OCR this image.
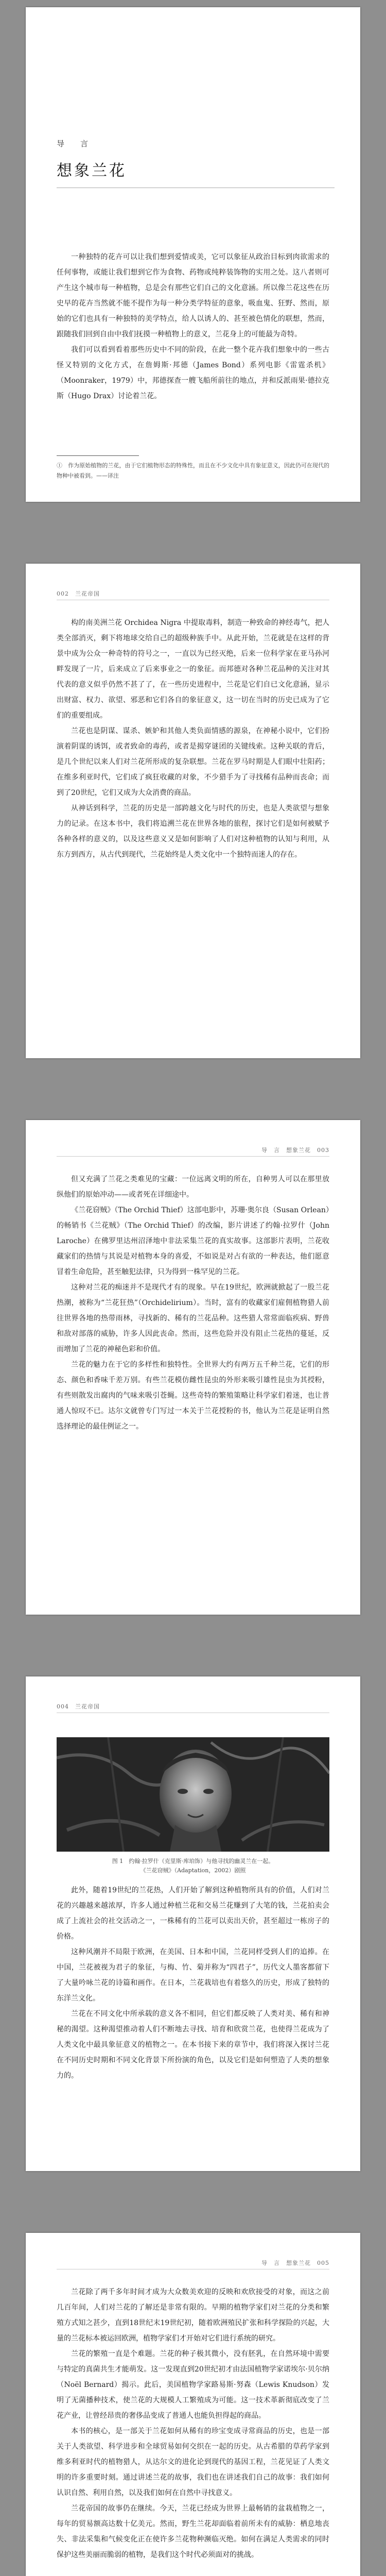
导　言
想象兰花

一种独特的花卉可以让我们想到爱情或美，它可以象征从政治目标到肉欲需求的任何事物，或能让我们想到它作为食物、药物或纯粹装饰物的实用之处。这八者则可产生这个城市每一种植物，总是会有那些它们自己的文化意涵。所以像兰花这些在历史早的花卉当然就不能不提作为每一种分类学特征的意象，吸血鬼、狂野、然而，原始的它们也具有一种独特的美学特点，给人以诱人的、甚至被色情化的联想，然而，跟随我们回到自由中我们抚摸一种植物上的意义，兰花身上的可能最为奇特。

我们可以看到看着那些历史中不同的阶段，在此一整个花卉我们想象中的一些古怪又特别的文化方式，在詹姆斯·邦德（James Bond）系列电影《雷霆杀机》（Moonraker，1979）中，邦德探查一艘飞船所前往的地点，并和反派雨果·德拉克斯（Hugo Drax）讨论着兰花。

①　作为原始植物的兰花，由于它们植物形态的特殊性，而且在不少文化中具有象征意义，因此仍可在现代的物种中被看到。——译注
002　兰花帝国

构的南美洲兰花 Orchidea Nigra 中提取毒料，制造一种致命的神经毒气，把人类全部消灭，剩下将地球交给自己的超级种族手中。从此开始，兰花就是在这样的背景中成为公众一种奇特的符号之一，一直以为已经灭绝，后来一位科学家在亚马孙河畔发现了一片，后来成立了后来事业之一的象征。而邦德对各种兰花品种的关注对其代表的意义似乎仍然不甚了了，在一些历史进程中，兰花是它们自已文化意涵，显示出财富、权力、欲望、邪恶和它们各自的象征意义，这一切在当时的历史已成为了它们的重要组成。

兰花也是阴谋、谋杀、嫉妒和其他人类负面情感的源泉，在神秘小说中，它们扮演着阴谋的诱饵，或者致命的毒药，或者是揭穿谜团的关键线索。这种关联的背后，是几个世纪以来人们对兰花所形成的复杂联想。兰花在罗马时期是人们眼中壮阳药；在维多利亚时代，它们成了疯狂收藏的对象，不少猎手为了寻找稀有品种而丧命；而到了20世纪，它们又成为大众消费的商品。

从神话到科学，兰花的历史是一部跨越文化与时代的历史，也是人类欲望与想象力的记录。在这本书中，我们将追溯兰花在世界各地的旅程，探讨它们是如何被赋予各种各样的意义的，以及这些意义又是如何影响了人们对这种植物的认知与利用，从东方到西方，从古代到现代，兰花始终是人类文化中一个独特而迷人的存在。

导　言　想象兰花　003

但又充满了兰花之类难见的宝藏：一位远离文明的所在，自种男人可以在那里放纵他们的原始冲动——或者死在详细途中。

《兰花窃贼》（The Orchid Thief）这部电影中，苏珊·奥尔良（Susan Orlean）的畅销书《兰花贼》（The Orchid Thief）的改编，影片讲述了约翰·拉罗什（John Laroche）在佛罗里达州沼泽地中非法采集兰花的真实故事。这部影片表明，兰花收藏家们的热情与其说是对植物本身的喜爱，不如说是对占有欲的一种表达，他们愿意冒着生命危险，甚至触犯法律，只为得到一株罕见的兰花。

这种对兰花的痴迷并不是现代才有的现象。早在19世纪，欧洲就掀起了一股兰花热潮，被称为“兰花狂热”（Orchidelirium）。当时，富有的收藏家们雇佣植物猎人前往世界各地的热带雨林，寻找新的、稀有的兰花品种。这些猎人常常面临疾病、野兽和敌对部落的威胁，许多人因此丧命。然而，这些危险并没有阻止兰花热的蔓延，反而增加了兰花的神秘色彩和价值。

兰花的魅力在于它的多样性和独特性。全世界大约有两万五千种兰花，它们的形态、颜色和香味千差万别。有些兰花模仿雌性昆虫的外形来吸引雄性昆虫为其授粉，有些则散发出腐肉的气味来吸引苍蝇。这些奇特的繁殖策略让科学家们着迷，也让普通人惊叹不已。达尔文就曾专门写过一本关于兰花授粉的书，他认为兰花是证明自然选择理论的最佳例证之一。

004　兰花帝国
图 1　约翰·拉罗什（克里斯·库珀饰）与他寻找的幽灵兰在一起。
《兰花窃贼》（Adaptation，2002）剧照

此外，随着19世纪的兰花热，人们开始了解到这种植物所具有的价值，人们对兰花的兴趣越来越浓厚，许多人通过种植兰花和交易兰花赚到了大笔的钱，兰花拍卖会成了上流社会的社交活动之一，一株稀有的兰花可以卖出天价，甚至超过一栋房子的价格。

这种风潮并不局限于欧洲，在美国、日本和中国，兰花同样受到人们的追捧。在中国，兰花被视为君子的象征，与梅、竹、菊并称为“四君子”，历代文人墨客都留下了大量吟咏兰花的诗篇和画作。在日本，兰花栽培也有着悠久的历史，形成了独特的东洋兰文化。

兰花在不同文化中所承载的意义各不相同，但它们都反映了人类对美、稀有和神秘的渴望。这种渴望推动着人们不断地去寻找、培育和欣赏兰花，也使得兰花成为了人类文化中最具象征意义的植物之一。在本书接下来的章节中，我们将深入探讨兰花在不同历史时期和不同文化背景下所扮演的角色，以及它们是如何塑造了人类的想象力的。

导　言　想象兰花　005

兰花除了两千多年时间才成为大众数美欢迎的反映和欢欣接受的对象，而这之前几百年间，人们对兰花的了解还是非常有限的。早期的植物学家们对兰花的分类和繁殖方式知之甚少，直到18世纪末19世纪初，随着欧洲殖民扩张和科学探险的兴起，大量的兰花标本被运回欧洲，植物学家们才开始对它们进行系统的研究。

兰花的繁殖一直是个难题。兰花的种子极其微小，没有胚乳，在自然环境中需要与特定的真菌共生才能萌发。这一发现直到20世纪初才由法国植物学家诺埃尔·贝尔纳（Noël Bernard）揭示。此后，美国植物学家路易斯·努森（Lewis Knudson）发明了无菌播种技术，使兰花的大规模人工繁殖成为可能。这一技术革新彻底改变了兰花产业，让曾经昂贵的奢侈品变成了普通人也能负担得起的商品。

本书的核心，是一部关于兰花如何从稀有的珍宝变成寻常商品的历史，也是一部关于人类欲望、科学进步和全球贸易如何交织在一起的历史。从古希腊的草药学家到维多利亚时代的植物猎人，从达尔文的进化论到现代的基因工程，兰花见证了人类文明的许多重要时刻。通过讲述兰花的故事，我们也在讲述我们自己的故事：我们如何认识自然、利用自然，以及我们如何在自然中寻找意义。

兰花帝国的故事仍在继续。今天，兰花已经成为世界上最畅销的盆栽植物之一，每年的贸易额高达数十亿美元。然而，野生兰花却面临着前所未有的威胁：栖息地丧失、非法采集和气候变化正在使许多兰花物种濒临灭绝。如何在满足人类需求的同时保护这些美丽而脆弱的植物，是我们这个时代必须面对的挑战。
